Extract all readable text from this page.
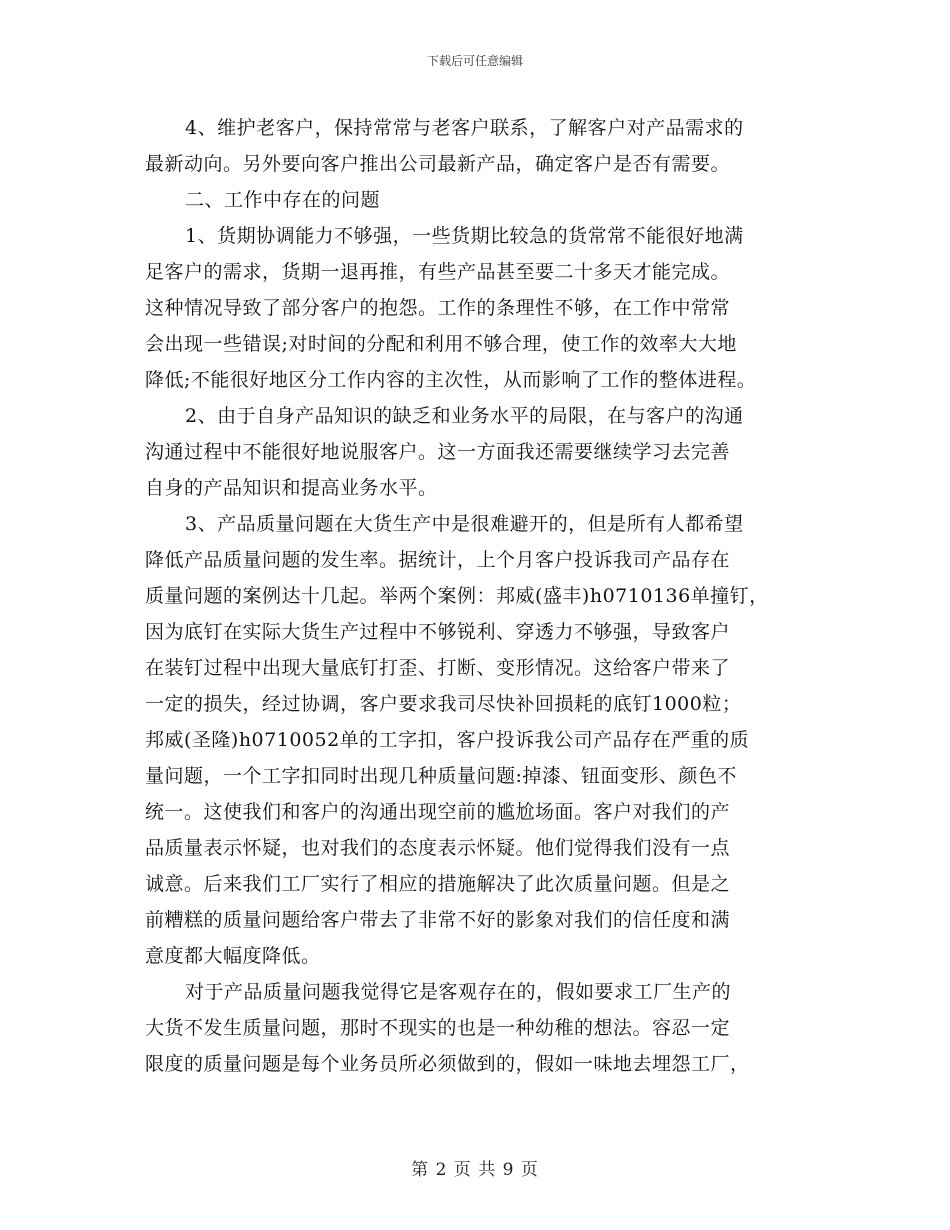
下载后可任意编辑

4、维护老客户，保持常常与老客户联系，了解客户对产品需求的
最新动向。另外要向客户推出公司最新产品，确定客户是否有需要。

二、工作中存在的问题

1、货期协调能力不够强，一些货期比较急的货常常不能很好地满
足客户的需求，货期一退再推，有些产品甚至要二十多天才能完成。
这种情况导致了部分客户的抱怨。工作的条理性不够，在工作中常常
会出现一些错误;对时间的分配和利用不够合理，使工作的效率大大地
降低;不能很好地区分工作内容的主次性，从而影响了工作的整体进程。

2、由于自身产品知识的缺乏和业务水平的局限，在与客户的沟通
沟通过程中不能很好地说服客户。这一方面我还需要继续学习去完善
自身的产品知识和提高业务水平。

3、产品质量问题在大货生产中是很难避开的，但是所有人都希望
降低产品质量问题的发生率。据统计，上个月客户投诉我司产品存在
质量问题的案例达十几起。举两个案例：邦威(盛丰)h0710136单撞钉，
因为底钉在实际大货生产过程中不够锐利、穿透力不够强，导致客户
在装钉过程中出现大量底钉打歪、打断、变形情况。这给客户带来了
一定的损失，经过协调，客户要求我司尽快补回损耗的底钉1000粒；
邦威(圣隆)h0710052单的工字扣，客户投诉我公司产品存在严重的质
量问题，一个工字扣同时出现几种质量问题:掉漆、钮面变形、颜色不
统一。这使我们和客户的沟通出现空前的尴尬场面。客户对我们的产
品质量表示怀疑，也对我们的态度表示怀疑。他们觉得我们没有一点
诚意。后来我们工厂实行了相应的措施解决了此次质量问题。但是之
前糟糕的质量问题给客户带去了非常不好的影象对我们的信任度和满
意度都大幅度降低。

对于产品质量问题我觉得它是客观存在的，假如要求工厂生产的
大货不发生质量问题，那时不现实的也是一种幼稚的想法。容忍一定
限度的质量问题是每个业务员所必须做到的，假如一味地去埋怨工厂，

第 2 页 共 9 页
